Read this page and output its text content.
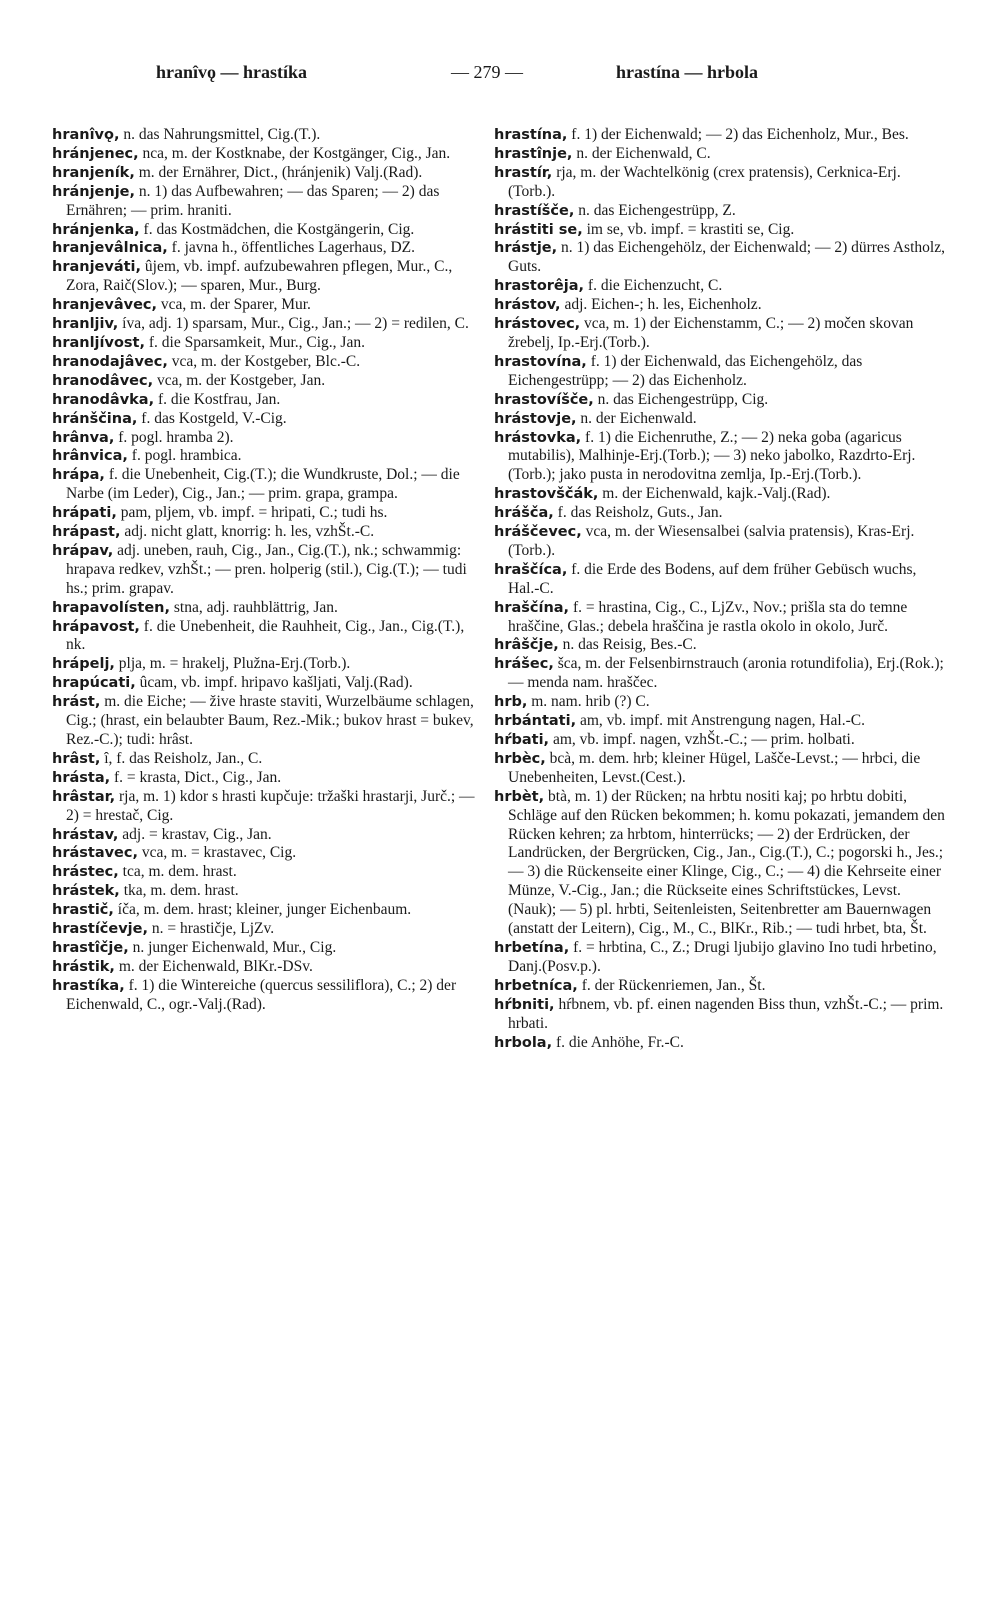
hranîvǫ — hrastíka	— 279 —	hrastína — hrbola

hranîvǫ, n. das Nahrungsmittel, Cig.(T.).

hránjenec, nca, m. der Kostknabe, der Kostgänger, Cig., Jan.

hranjeník, m. der Ernährer, Dict., (hránjenik) Valj.(Rad).

hránjenje, n. 1) das Aufbewahren; — das Sparen; — 2) das Ernähren; — prim. hraniti.

hránjenka, f. das Kostmädchen, die Kostgängerin, Cig.

hranjevâlnica, f. javna h., öffentliches Lagerhaus, DZ.

hranjeváti, ûjem, vb. impf. aufzubewahren pflegen, Mur., C., Zora, Raič(Slov.); — sparen, Mur., Burg.

hranjevâvec, vca, m. der Sparer, Mur.

hranljiv, íva, adj. 1) sparsam, Mur., Cig., Jan.; — 2) = redilen, C.

hranljívost, f. die Sparsamkeit, Mur., Cig., Jan.

hranodajâvec, vca, m. der Kostgeber, Blc.-C.

hranodâvec, vca, m. der Kostgeber, Jan.

hranodâvka, f. die Kostfrau, Jan.

hránščina, f. das Kostgeld, V.-Cig.

hrânva, f. pogl. hramba 2).

hrânvica, f. pogl. hrambica.

hrápa, f. die Unebenheit, Cig.(T.); die Wundkruste, Dol.; — die Narbe (im Leder), Cig., Jan.; — prim. grapa, grampa.

hrápati, pam, pljem, vb. impf. = hripati, C.; tudi hs.

hrápast, adj. nicht glatt, knorrig: h. les, vzhŠt.-C.

hrápav, adj. uneben, rauh, Cig., Jan., Cig.(T.), nk.; schwammig: hrapava redkev, vzhŠt.; — pren. holperig (stil.), Cig.(T.); — tudi hs.; prim. grapav.

hrapavolísten, stna, adj. rauhblättrig, Jan.

hrápavost, f. die Unebenheit, die Rauhheit, Cig., Jan., Cig.(T.), nk.

hrápelj, plja, m. = hrakelj, Plužna-Erj.(Torb.).

hrapúcati, ûcam, vb. impf. hripavo kašljati, Valj.(Rad).

hrást, m. die Eiche; — žive hraste staviti, Wurzelbäume schlagen, Cig.; (hrast, ein belaubter Baum, Rez.-Mik.; bukov hrast = bukev, Rez.-C.); tudi: hrâst.

hrâst, î, f. das Reisholz, Jan., C.

hrásta, f. = krasta, Dict., Cig., Jan.

hrâstar, rja, m. 1) kdor s hrasti kupčuje: tržaški hrastarji, Jurč.; — 2) = hrestač, Cig.

hrástav, adj. = krastav, Cig., Jan.

hrástavec, vca, m. = krastavec, Cig.

hrástec, tca, m. dem. hrast.

hrástek, tka, m. dem. hrast.

hrastič, íča, m. dem. hrast; kleiner, junger Eichenbaum.

hrastíčevje, n. = hrastičje, LjZv.

hrastîčje, n. junger Eichenwald, Mur., Cig.

hrástik, m. der Eichenwald, BlKr.-DSv.

hrastíka, f. 1) die Wintereiche (quercus sessiliflora), C.; 2) der Eichenwald, C., ogr.-Valj.(Rad).

hrastína, f. 1) der Eichenwald; — 2) das Eichenholz, Mur., Bes.

hrastînje, n. der Eichenwald, C.

hrastír, rja, m. der Wachtelkönig (crex pratensis), Cerknica-Erj.(Torb.).

hrastíšče, n. das Eichengestrüpp, Z.

hrástiti se, im se, vb. impf. = krastiti se, Cig.

hrástje, n. 1) das Eichengehölz, der Eichenwald; — 2) dürres Astholz, Guts.

hrastorêja, f. die Eichenzucht, C.

hrástov, adj. Eichen-; h. les, Eichenholz.

hrástovec, vca, m. 1) der Eichenstamm, C.; — 2) močen skovan žrebelj, Ip.-Erj.(Torb.).

hrastovína, f. 1) der Eichenwald, das Eichengehölz, das Eichengestrüpp; — 2) das Eichenholz.

hrastovíšče, n. das Eichengestrüpp, Cig.

hrástovje, n. der Eichenwald.

hrástovka, f. 1) die Eichenruthe, Z.; — 2) neka goba (agaricus mutabilis), Malhinje-Erj.(Torb.); — 3) neko jabolko, Razdrto-Erj.(Torb.); jako pusta in nerodovitna zemlja, Ip.-Erj.(Torb.).

hrastovščák, m. der Eichenwald, kajk.-Valj.(Rad).

hrášča, f. das Reisholz, Guts., Jan.

hráščevec, vca, m. der Wiesensalbei (salvia pratensis), Kras-Erj.(Torb.).

hraščíca, f. die Erde des Bodens, auf dem früher Gebüsch wuchs, Hal.-C.

hraščína, f. = hrastina, Cig., C., LjZv., Nov.; prišla sta do temne hraščine, Glas.; debela hraščina je rastla okolo in okolo, Jurč.

hrâščje, n. das Reisig, Bes.-C.

hrášec, šca, m. der Felsenbirnstrauch (aronia rotundifolia), Erj.(Rok.); — menda nam. hraščec.

hrb, m. nam. hrib (?) C.

hrbántati, am, vb. impf. mit Anstrengung nagen, Hal.-C.

hŕbati, am, vb. impf. nagen, vzhŠt.-C.; — prim. holbati.

hrbèc, bcà, m. dem. hrb; kleiner Hügel, Lašče-Levst.; — hrbci, die Unebenheiten, Levst.(Cest.).

hrbèt, btà, m. 1) der Rücken; na hrbtu nositi kaj; po hrbtu dobiti, Schläge auf den Rücken bekommen; h. komu pokazati, jemandem den Rücken kehren; za hrbtom, hinterrücks; — 2) der Erdrücken, der Landrücken, der Bergrücken, Cig., Jan., Cig.(T.), C.; pogorski h., Jes.; — 3) die Rückenseite einer Klinge, Cig., C.; — 4) die Kehrseite einer Münze, V.-Cig., Jan.; die Rückseite eines Schriftstückes, Levst.(Nauk); — 5) pl. hrbti, Seitenleisten, Seitenbretter am Bauernwagen (anstatt der Leitern), Cig., M., C., BlKr., Rib.; — tudi hrbet, bta, Št.

hrbetína, f. = hrbtina, C., Z.; Drugi ljubijo glavino Ino tudi hrbetino, Danj.(Posv.p.).

hrbetníca, f. der Rückenriemen, Jan., Št.

hŕbniti, hŕbnem, vb. pf. einen nagenden Biss thun, vzhŠt.-C.; — prim. hrbati.

hrbola, f. die Anhöhe, Fr.-C.
